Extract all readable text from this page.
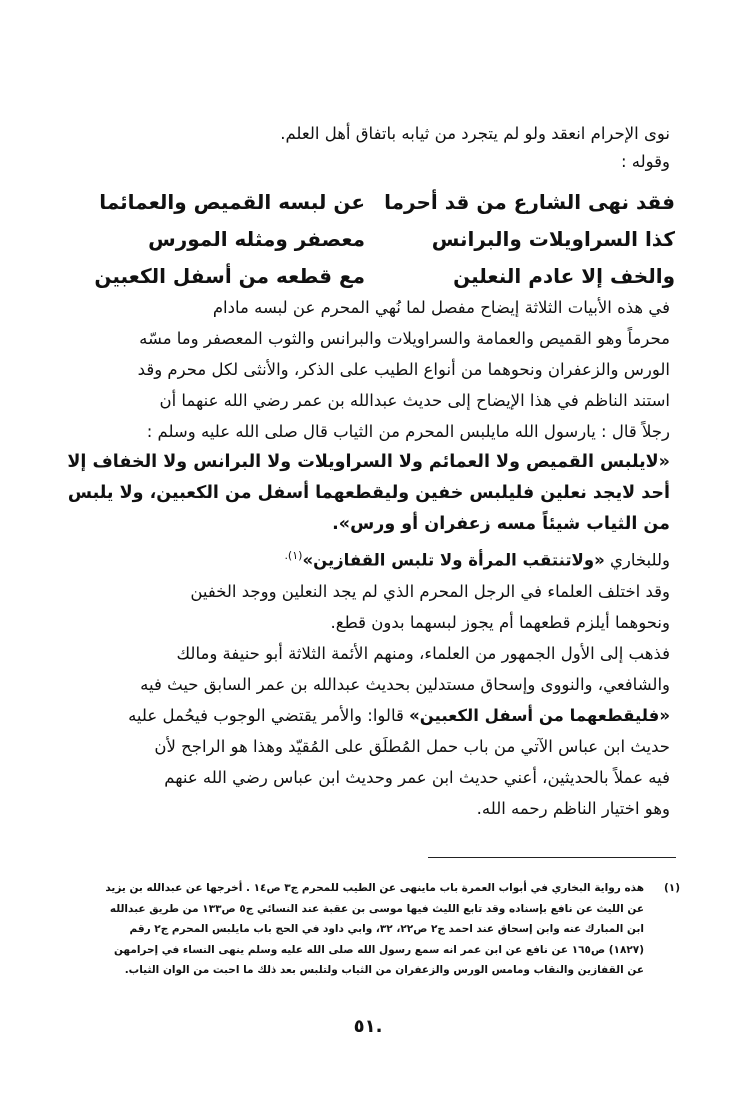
نوى الإحرام انعقد ولو لم يتجرد من ثيابه باتفاق أهل العلم.
وقوله :
فقد نهى الشارع من قد أحرما
عن لبسه القميص والعمائما
كذا السراويلات والبرانس
معصفر ومثله المورس
والخف إلا عادم النعلين
مع قطعه من أسفل الكعبين
في هذه الأبيات الثلاثة إيضاح مفصل لما نُهي المحرم عن لبسه مادام
محرماً وهو القميص والعمامة والسراويلات والبرانس والثوب المعصفر وما مسّه
الورس والزعفران ونحوهما من أنواع الطيب على الذكر، والأنثى لكل محرم وقد
استند الناظم في هذا الإيضاح إلى حديث عبدالله بن عمر رضي الله عنهما أن
رجلاً قال : يارسول الله مايلبس المحرم من الثياب قال صلى الله عليه وسلم :
«لايلبس القميص ولا العمائم ولا السراويلات ولا البرانس ولا الخفاف إلا
أحد لايجد نعلين فليلبس خفين وليقطعهما أسفل من الكعبين، ولا يلبس
من الثياب شيئاً مسه زعفران أو ورس».
وللبخاري «ولاتنتقب المرأة ولا تلبس القفازين»$^{(١).}$
وقد اختلف العلماء في الرجل المحرم الذي لم يجد النعلين ووجد الخفين
ونحوهما أيلزم قطعهما أم يجوز لبسهما بدون قطع.
فذهب إلى الأول الجمهور من العلماء، ومنهم الأئمة الثلاثة أبو حنيفة ومالك
والشافعي، والنووى وإسحاق مستدلين بحديث عبدالله بن عمر السابق حيث فيه
«فليقطعهما من أسفل الكعبين» قالوا: والأمر يقتضي الوجوب فيحُمل عليه
حديث ابن عباس الآتي من باب حمل المُطلَق على المُقيّد وهذا هو الراجح لأن
فيه عملاً بالحديثين، أعني حديث ابن عمر وحديث ابن عباس رضي الله عنهم
وهو اختيار الناظم رحمه الله.
(١)
هذه رواية البخاري في أبواب العمرة باب ماينهى عن الطيب للمحرم ج٣ ص١٤ . أخرجها عن عبدالله بن يزيد
عن الليث عن نافع بإسناده وقد تابع الليث فيها موسى بن عقبة عند النسائي ج٥ ص١٣٣ من طريق عبدالله
ابن المبارك عنه وابن إسحاق عند احمد ج٢ ص٢٢، ٣٢، وابي داود في الحج باب مايلبس المحرم ج٢ رقم
(١٨٢٧) ص١٦٥ عن نافع عن ابن عمر انه سمع رسول الله صلى الله عليه وسلم ينهى النساء في إحرامهن
عن القفازين والنقاب ومامس الورس والزعفران من الثياب ولتلبس بعد ذلك ما احبت من الوان الثياب.
٥١.
